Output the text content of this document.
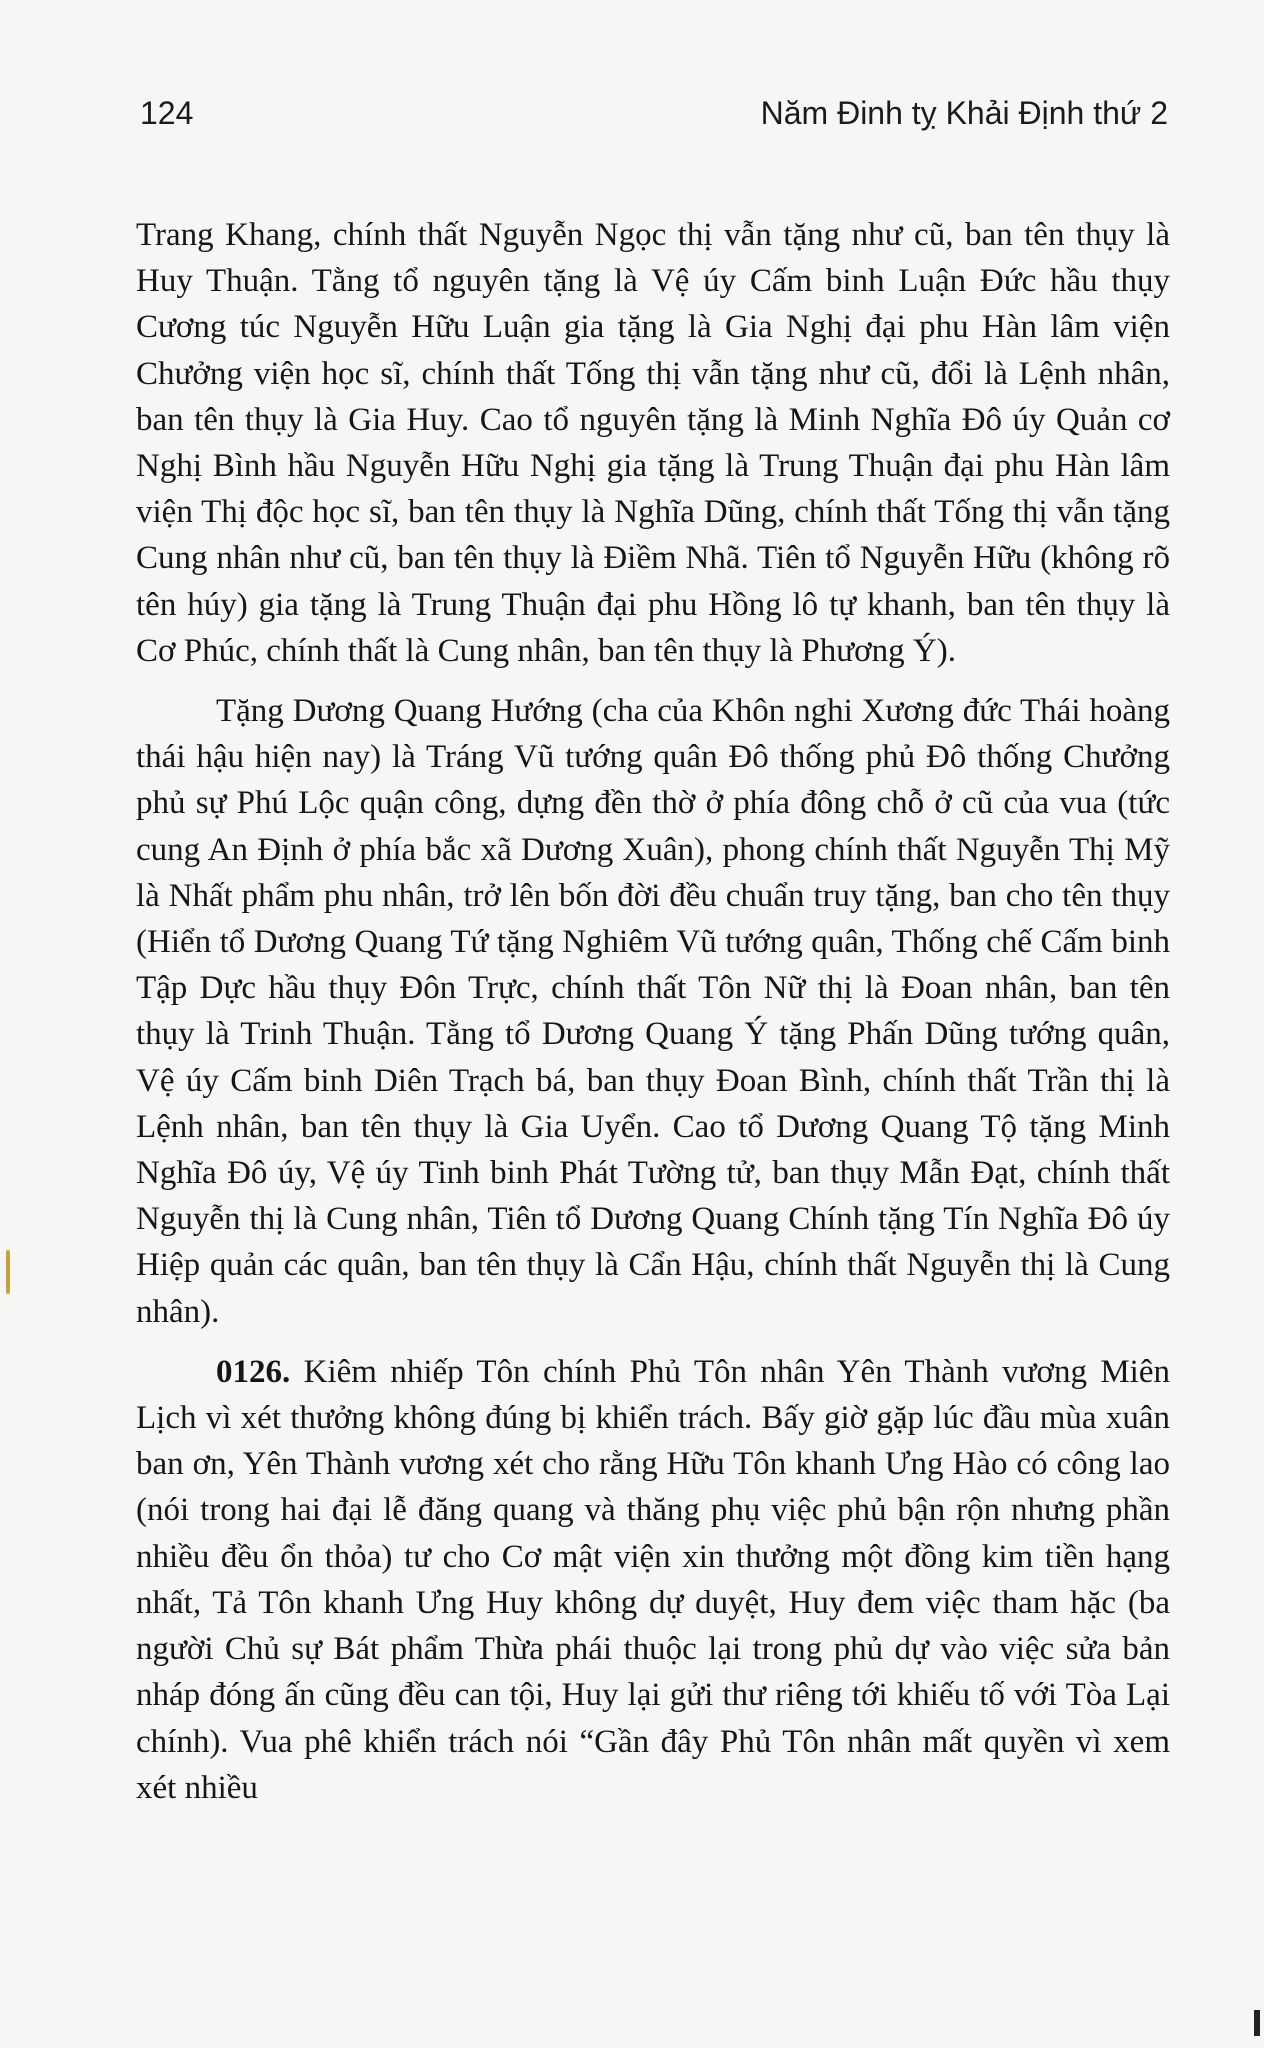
124	Năm Đinh tỵ Khải Định thứ 2

Trang Khang, chính thất Nguyễn Ngọc thị vẫn tặng như cũ, ban tên thụy là Huy Thuận. Tằng tổ nguyên tặng là Vệ úy Cấm binh Luận Đức hầu thụy Cương túc Nguyễn Hữu Luận gia tặng là Gia Nghị đại phu Hàn lâm viện Chưởng viện học sĩ, chính thất Tống thị vẫn tặng như cũ, đổi là Lệnh nhân, ban tên thụy là Gia Huy. Cao tổ nguyên tặng là Minh Nghĩa Đô úy Quản cơ Nghị Bình hầu Nguyễn Hữu Nghị gia tặng là Trung Thuận đại phu Hàn lâm viện Thị độc học sĩ, ban tên thụy là Nghĩa Dũng, chính thất Tống thị vẫn tặng Cung nhân như cũ, ban tên thụy là Điềm Nhã. Tiên tổ Nguyễn Hữu (không rõ tên húy) gia tặng là Trung Thuận đại phu Hồng lô tự khanh, ban tên thụy là Cơ Phúc, chính thất là Cung nhân, ban tên thụy là Phương Ý).

Tặng Dương Quang Hướng (cha của Khôn nghi Xương đức Thái hoàng thái hậu hiện nay) là Tráng Vũ tướng quân Đô thống phủ Đô thống Chưởng phủ sự Phú Lộc quận công, dựng đền thờ ở phía đông chỗ ở cũ của vua (tức cung An Định ở phía bắc xã Dương Xuân), phong chính thất Nguyễn Thị Mỹ là Nhất phẩm phu nhân, trở lên bốn đời đều chuẩn truy tặng, ban cho tên thụy (Hiển tổ Dương Quang Tứ tặng Nghiêm Vũ tướng quân, Thống chế Cấm binh Tập Dực hầu thụy Đôn Trực, chính thất Tôn Nữ thị là Đoan nhân, ban tên thụy là Trinh Thuận. Tằng tổ Dương Quang Ý tặng Phấn Dũng tướng quân, Vệ úy Cấm binh Diên Trạch bá, ban thụy Đoan Bình, chính thất Trần thị là Lệnh nhân, ban tên thụy là Gia Uyển. Cao tổ Dương Quang Tộ tặng Minh Nghĩa Đô úy, Vệ úy Tinh binh Phát Tường tử, ban thụy Mẫn Đạt, chính thất Nguyễn thị là Cung nhân, Tiên tổ Dương Quang Chính tặng Tín Nghĩa Đô úy Hiệp quản các quân, ban tên thụy là Cẩn Hậu, chính thất Nguyễn thị là Cung nhân).

0126. Kiêm nhiếp Tôn chính Phủ Tôn nhân Yên Thành vương Miên Lịch vì xét thưởng không đúng bị khiển trách. Bấy giờ gặp lúc đầu mùa xuân ban ơn, Yên Thành vương xét cho rằng Hữu Tôn khanh Ưng Hào có công lao (nói trong hai đại lễ đăng quang và thăng phụ việc phủ bận rộn nhưng phần nhiều đều ổn thỏa) tư cho Cơ mật viện xin thưởng một đồng kim tiền hạng nhất, Tả Tôn khanh Ưng Huy không dự duyệt, Huy đem việc tham hặc (ba người Chủ sự Bát phẩm Thừa phái thuộc lại trong phủ dự vào việc sửa bản nháp đóng ấn cũng đều can tội, Huy lại gửi thư riêng tới khiếu tố với Tòa Lại chính). Vua phê khiển trách nói “Gần đây Phủ Tôn nhân mất quyền vì xem xét nhiều
